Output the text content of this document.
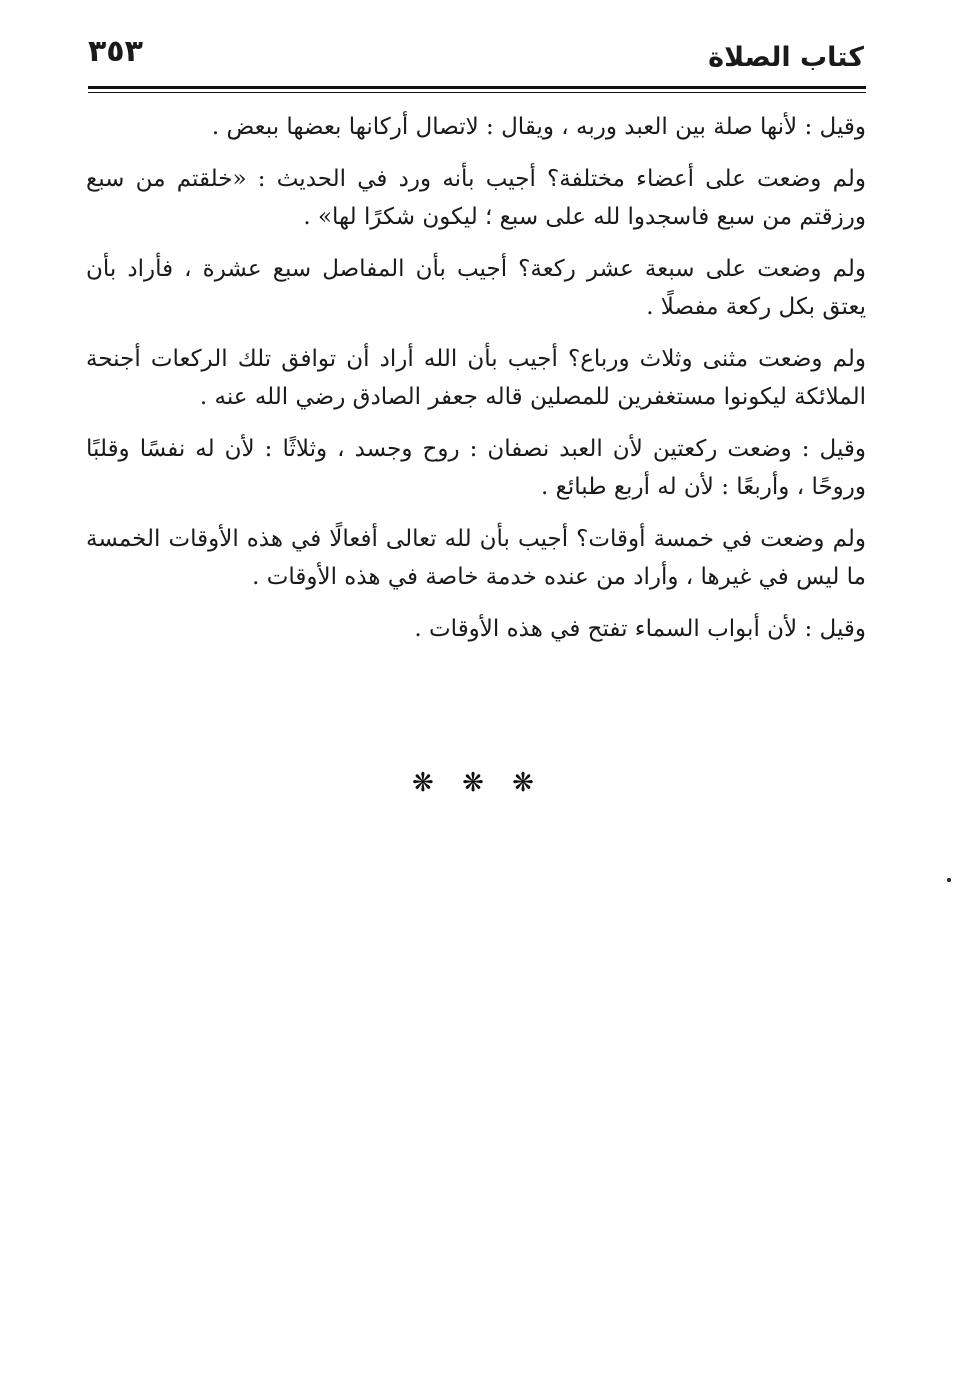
كتاب الصلاة
٣٥٣

وقيل : لأنها صلة بين العبد وربه ، ويقال : لاتصال أركانها بعضها ببعض .

ولم وضعت على أعضاء مختلفة؟ أجيب بأنه ورد في الحديث : «خلقتم من سبع ورزقتم من سبع فاسجدوا لله على سبع ؛ ليكون شكرًا لها» .

ولم وضعت على سبعة عشر ركعة؟ أجيب بأن المفاصل سبع عشرة ، فأراد بأن يعتق بكل ركعة مفصلًا .

ولم وضعت مثنى وثلاث ورباع؟ أجيب بأن الله أراد أن توافق تلك الركعات أجنحة الملائكة ليكونوا مستغفرين للمصلين قاله جعفر الصادق رضي الله عنه .

وقيل : وضعت ركعتين لأن العبد نصفان : روح وجسد ، وثلاثًا : لأن له نفسًا وقلبًا وروحًا ، وأربعًا : لأن له أربع طبائع .

ولم وضعت في خمسة أوقات؟ أجيب بأن لله تعالى أفعالًا في هذه الأوقات الخمسة ما ليس في غيرها ، وأراد من عنده خدمة خاصة في هذه الأوقات .

وقيل : لأن أبواب السماء تفتح في هذه الأوقات .

❋ ❋ ❋
